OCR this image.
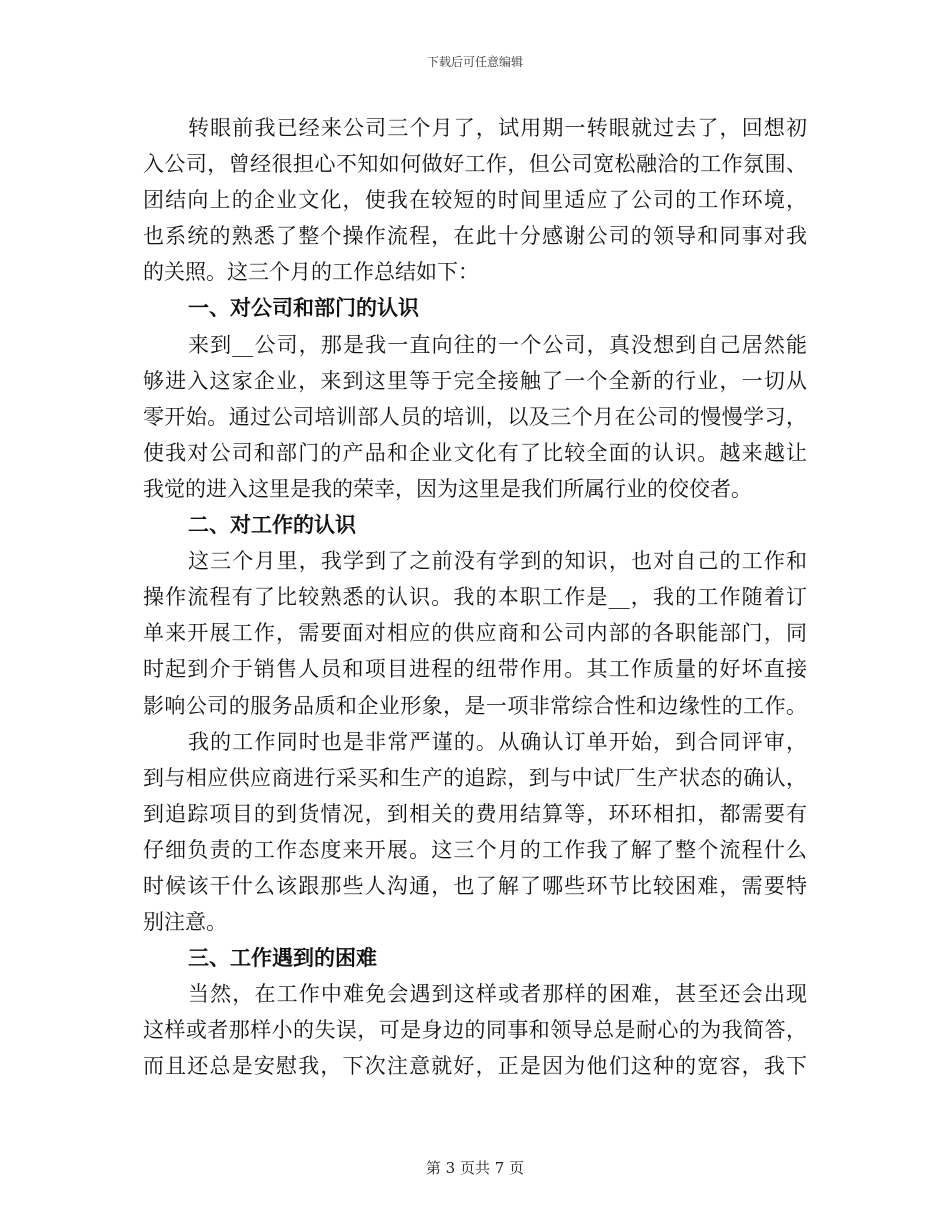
下载后可任意编辑
转眼前我已经来公司三个月了，试用期一转眼就过去了，回想初
入公司，曾经很担心不知如何做好工作，但公司宽松融洽的工作氛围、
团结向上的企业文化，使我在较短的时间里适应了公司的工作环境，
也系统的熟悉了整个操作流程，在此十分感谢公司的领导和同事对我
的关照。这三个月的工作总结如下：
一、对公司和部门的认识
来到__公司，那是我一直向往的一个公司，真没想到自己居然能
够进入这家企业，来到这里等于完全接触了一个全新的行业，一切从
零开始。通过公司培训部人员的培训，以及三个月在公司的慢慢学习，
使我对公司和部门的产品和企业文化有了比较全面的认识。越来越让
我觉的进入这里是我的荣幸，因为这里是我们所属行业的佼佼者。
二、对工作的认识
这三个月里，我学到了之前没有学到的知识，也对自己的工作和
操作流程有了比较熟悉的认识。我的本职工作是__，我的工作随着订
单来开展工作，需要面对相应的供应商和公司内部的各职能部门，同
时起到介于销售人员和项目进程的纽带作用。其工作质量的好坏直接
影响公司的服务品质和企业形象，是一项非常综合性和边缘性的工作。
我的工作同时也是非常严谨的。从确认订单开始，到合同评审，
到与相应供应商进行采买和生产的追踪，到与中试厂生产状态的确认，
到追踪项目的到货情况，到相关的费用结算等，环环相扣，都需要有
仔细负责的工作态度来开展。这三个月的工作我了解了整个流程什么
时候该干什么该跟那些人沟通，也了解了哪些环节比较困难，需要特
别注意。
三、工作遇到的困难
当然，在工作中难免会遇到这样或者那样的困难，甚至还会出现
这样或者那样小的失误，可是身边的同事和领导总是耐心的为我简答，
而且还总是安慰我，下次注意就好，正是因为他们这种的宽容，我下
第 3 页共 7 页
